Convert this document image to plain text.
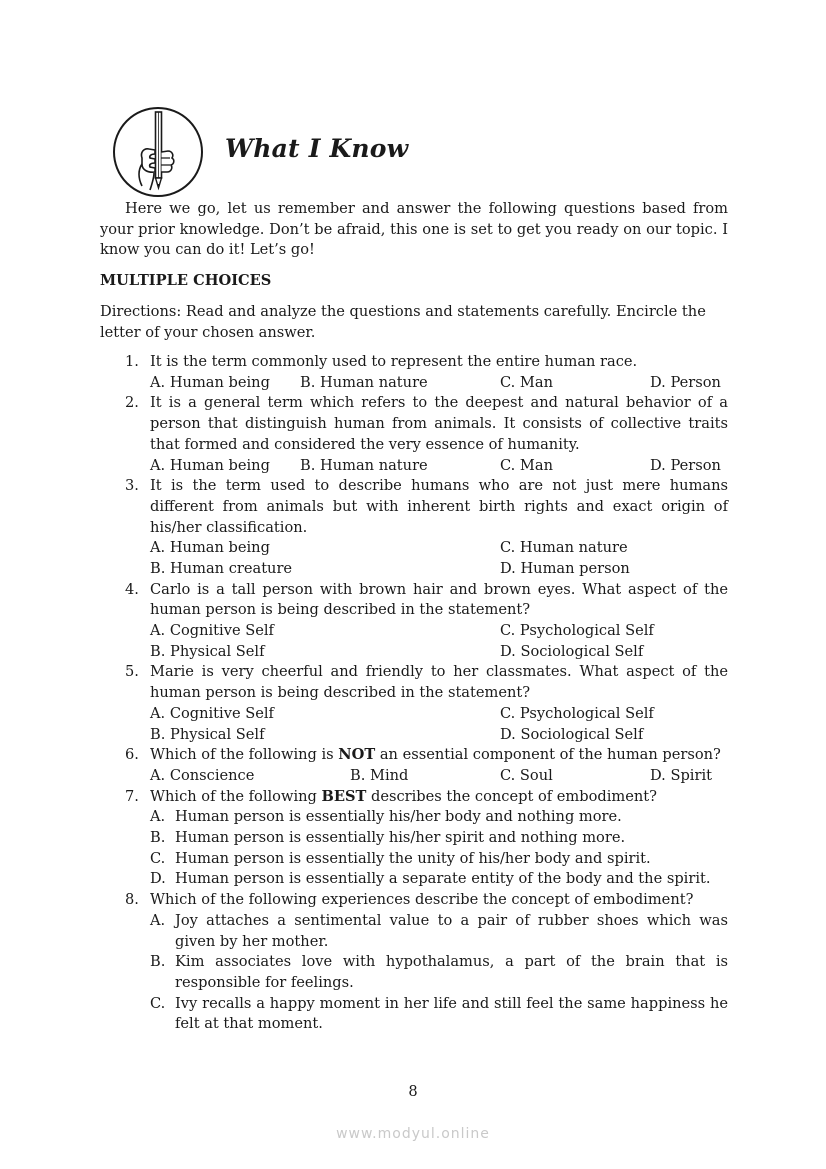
What I Know

Here we go, let us remember and answer the following questions based from your prior knowledge. Don’t be afraid, this one is set to get you ready on our topic. I know you can do it! Let’s go!

MULTIPLE CHOICES

Directions: Read and analyze the questions and statements carefully. Encircle the letter of your chosen answer.

1. It is the term commonly used to represent the entire human race.
A. Human being B. Human nature	C. Man	D. Person
2. It is a general term which refers to the deepest and natural behavior of a person that distinguish human from animals. It consists of collective traits that formed and considered the very essence of humanity.
A. Human being B. Human nature	C. Man	D. Person
3. It is the term used to describe humans who are not just mere humans different from animals but with inherent birth rights and exact origin of his/her classification.
A. Human being	C. Human nature
B. Human creature	D. Human person
4. Carlo is a tall person with brown hair and brown eyes. What aspect of the human person is being described in the statement?
A. Cognitive Self	C. Psychological Self
B. Physical Self	D. Sociological Self
5. Marie is very cheerful and friendly to her classmates. What aspect of the human person is being described in the statement?
A. Cognitive Self	C. Psychological Self
B. Physical Self	D. Sociological Self
6. Which of the following is NOT an essential component of the human person?
A. Conscience	B. Mind	C. Soul	D. Spirit
7. Which of the following BEST describes the concept of embodiment?
A. Human person is essentially his/her body and nothing more.
B. Human person is essentially his/her spirit and nothing more.
C. Human person is essentially the unity of his/her body and spirit.
D. Human person is essentially a separate entity of the body and the spirit.
8. Which of the following experiences describe the concept of embodiment?
A. Joy attaches a sentimental value to a pair of rubber shoes which was given by her mother.
B. Kim associates love with hypothalamus, a part of the brain that is responsible for feelings.
C. Ivy recalls a happy moment in her life and still feel the same happiness he felt at that moment.
8
www.modyul.online
